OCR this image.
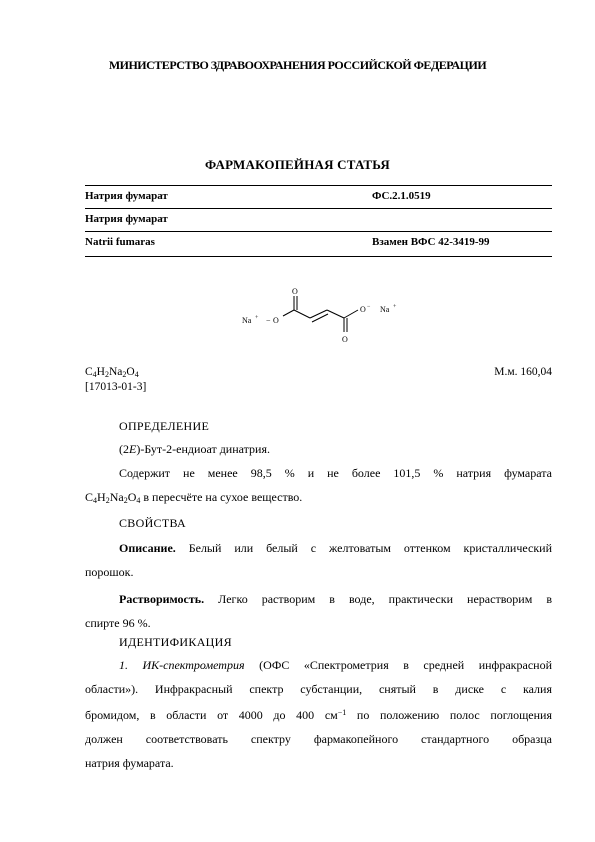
МИНИСТЕРСТВО ЗДРАВООХРАНЕНИЯ РОССИЙСКОЙ ФЕДЕРАЦИИ
ФАРМАКОПЕЙНАЯ СТАТЬЯ
Натрия фумарат	ФС.2.1.0519
Натрия фумарат
Natrii fumaras	Взамен ВФС 42-3419-99
Na + − O
O
O
O − Na +
$C_4H_2Na_2O_4$	М.м. 160,04
[17013-01-3]
ОПРЕДЕЛЕНИЕ
(2E)-Бут-2-ендиоат динатрия.
Содержит не менее 98,5 % и не более 101,5 % натрия фумарата
$C_4H_2Na_2O_4$ в пересчёте на сухое вещество.
СВОЙСТВА
Описание. Белый или белый с желтоватым оттенком кристаллический
порошок.
Растворимость. Легко растворим в воде, практически нерастворим в
спирте 96 %.
ИДЕНТИФИКАЦИЯ
1. ИК-спектрометрия (ОФС «Спектрометрия в средней инфракрасной
области»). Инфракрасный спектр субстанции, снятый в диске с калия
бромидом, в области от 4000 до 400 $см^{-1}$ по положению полос поглощения
должен соответствовать спектру фармакопейного стандартного образца
натрия фумарата.
